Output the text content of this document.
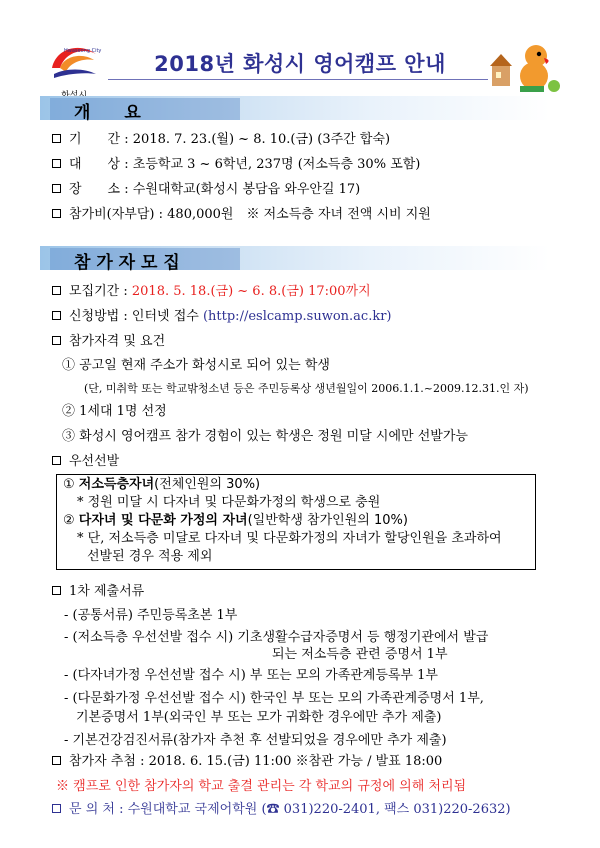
Hwaseong City
2018년 화성시 영어캠프 안내
개　　요
기　　간 : 2018. 7. 23.(월) ~ 8. 10.(금) (3주간 합숙)
대　　상 : 초등학교 3 ~ 6학년, 237명 (저소득층 30% 포함)
장　　소 : 수원대학교(화성시 봉담읍 와우안길 17)
참가비(자부담) : 480,000원　※ 저소득층 자녀 전액 시비 지원
참 가 자 모 집
모집기간 : 2018. 5. 18.(금) ~ 6. 8.(금) 17:00까지
신청방법 : 인터넷 접수 (http://eslcamp.suwon.ac.kr)
참가자격 및 요건
① 공고일 현재 주소가 화성시로 되어 있는 학생
(단, 미취학 또는 학교밖청소년 등은 주민등록상 생년월일이 2006.1.1.~2009.12.31.인 자)
② 1세대 1명 선정
③ 화성시 영어캠프 참가 경험이 있는 학생은 정원 미달 시에만 선발가능
우선선발
① 저소득층자녀(전체인원의 30%)
* 정원 미달 시 다자녀 및 다문화가정의 학생으로 충원
② 다자녀 및 다문화 가정의 자녀(일반학생 참가인원의 10%)
* 단, 저소득층 미달로 다자녀 및 다문화가정의 자녀가 할당인원을 초과하여
선발된 경우 적용 제외
1차 제출서류
- (공통서류) 주민등록초본 1부
- (저소득층 우선선발 접수 시) 기초생활수급자증명서 등 행정기관에서 발급
되는 저소득층 관련 증명서 1부
- (다자녀가정 우선선발 접수 시) 부 또는 모의 가족관계등록부 1부
- (다문화가정 우선선발 접수 시) 한국인 부 또는 모의 가족관계증명서 1부,
기본증명서 1부(외국인 부 또는 모가 귀화한 경우에만 추가 제출)
- 기본건강검진서류(참가자 추천 후 선발되었을 경우에만 추가 제출)
참가자 추첨 : 2018. 6. 15.(금) 11:00 ※참관 가능 / 발표 18:00
※ 캠프로 인한 참가자의 학교 출결 관리는 각 학교의 규정에 의해 처리됨
문 의 처 : 수원대학교 국제어학원 (☎ 031)220-2401, 팩스 031)220-2632)
